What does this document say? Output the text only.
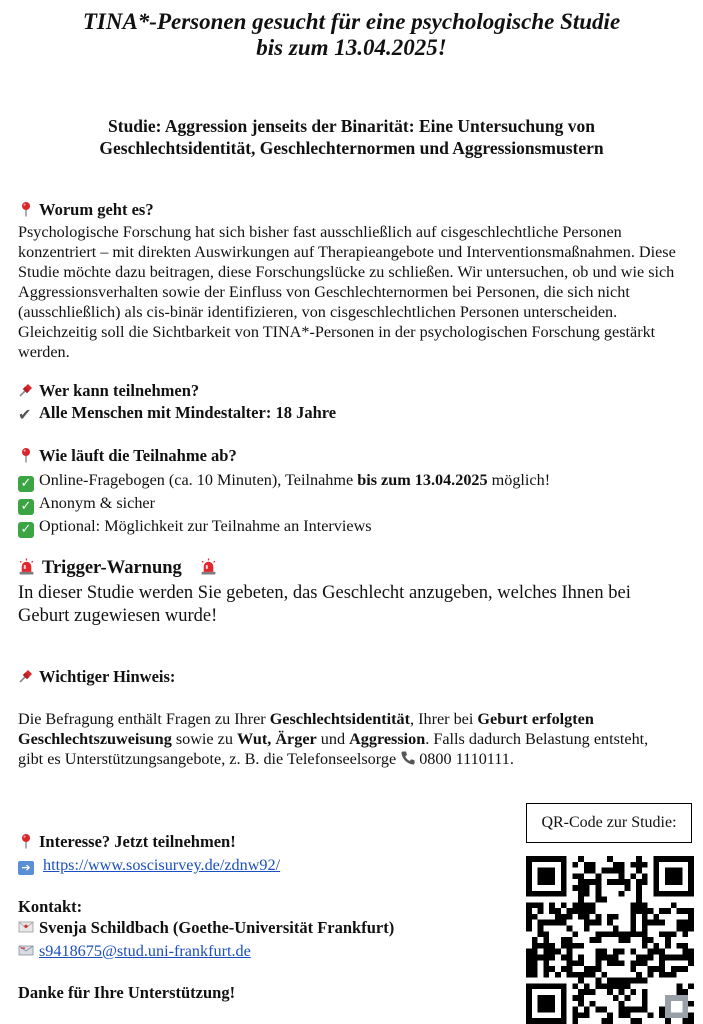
TINA*-Personen gesucht für eine psychologische Studie
bis zum 13.04.2025!
Studie: Aggression jenseits der Binarität: Eine Untersuchung von
Geschlechtsidentität, Geschlechternormen und Aggressionsmustern
Worum geht es?
Psychologische Forschung hat sich bisher fast ausschließlich auf cisgeschlechtliche Personen konzentriert – mit direkten Auswirkungen auf Therapieangebote und Interventionsmaßnahmen. Diese Studie möchte dazu beitragen, diese Forschungslücke zu schließen. Wir untersuchen, ob und wie sich Aggressionsverhalten sowie der Einfluss von Geschlechternormen bei Personen, die sich nicht (ausschließlich) als cis-binär identifizieren, von cisgeschlechtlichen Personen unterscheiden. Gleichzeitig soll die Sichtbarkeit von TINA*-Personen in der psychologischen Forschung gestärkt werden.
Wer kann teilnehmen?
✔ Alle Menschen mit Mindestalter: 18 Jahre
Wie läuft die Teilnahme ab?
✓ Online-Fragebogen (ca. 10 Minuten), Teilnahme bis zum 13.04.2025 möglich!
✓ Anonym & sicher
✓ Optional: Möglichkeit zur Teilnahme an Interviews
Trigger-Warnung
In dieser Studie werden Sie gebeten, das Geschlecht anzugeben, welches Ihnen bei Geburt zugewiesen wurde!
Wichtiger Hinweis:
Die Befragung enthält Fragen zu Ihrer Geschlechtsidentität, Ihrer bei Geburt erfolgten Geschlechtszuweisung sowie zu Wut, Ärger und Aggression. Falls dadurch Belastung entsteht, gibt es Unterstützungsangebote, z. B. die Telefonseelsorge 0800 1110111.
Interesse? Jetzt teilnehmen!
➔ https://www.soscisurvey.de/zdnw92/
Kontakt:
Svenja Schildbach (Goethe-Universität Frankfurt)
s9418675@stud.uni-frankfurt.de
Danke für Ihre Unterstützung!
QR-Code zur Studie:
